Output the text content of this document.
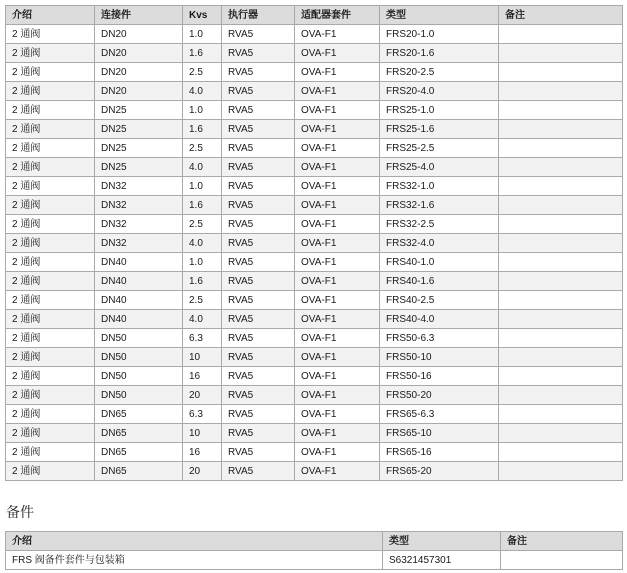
介绍	连接件	Kvs	执行器	适配器套件	类型	备注
2 通阀	DN20	1.0	RVA5	OVA-F1	FRS20-1.0	
2 通阀	DN20	1.6	RVA5	OVA-F1	FRS20-1.6	
2 通阀	DN20	2.5	RVA5	OVA-F1	FRS20-2.5	
2 通阀	DN20	4.0	RVA5	OVA-F1	FRS20-4.0	
2 通阀	DN25	1.0	RVA5	OVA-F1	FRS25-1.0	
2 通阀	DN25	1.6	RVA5	OVA-F1	FRS25-1.6	
2 通阀	DN25	2.5	RVA5	OVA-F1	FRS25-2.5	
2 通阀	DN25	4.0	RVA5	OVA-F1	FRS25-4.0	
2 通阀	DN32	1.0	RVA5	OVA-F1	FRS32-1.0	
2 通阀	DN32	1.6	RVA5	OVA-F1	FRS32-1.6	
2 通阀	DN32	2.5	RVA5	OVA-F1	FRS32-2.5	
2 通阀	DN32	4.0	RVA5	OVA-F1	FRS32-4.0	
2 通阀	DN40	1.0	RVA5	OVA-F1	FRS40-1.0	
2 通阀	DN40	1.6	RVA5	OVA-F1	FRS40-1.6	
2 通阀	DN40	2.5	RVA5	OVA-F1	FRS40-2.5	
2 通阀	DN40	4.0	RVA5	OVA-F1	FRS40-4.0	
2 通阀	DN50	6.3	RVA5	OVA-F1	FRS50-6.3	
2 通阀	DN50	10	RVA5	OVA-F1	FRS50-10	
2 通阀	DN50	16	RVA5	OVA-F1	FRS50-16	
2 通阀	DN50	20	RVA5	OVA-F1	FRS50-20	
2 通阀	DN65	6.3	RVA5	OVA-F1	FRS65-6.3	
2 通阀	DN65	10	RVA5	OVA-F1	FRS65-10	
2 通阀	DN65	16	RVA5	OVA-F1	FRS65-16	
2 通阀	DN65	20	RVA5	OVA-F1	FRS65-20	
备件
介绍	类型	备注
FRS 阀备件套件与包装箱	S6321457301	
